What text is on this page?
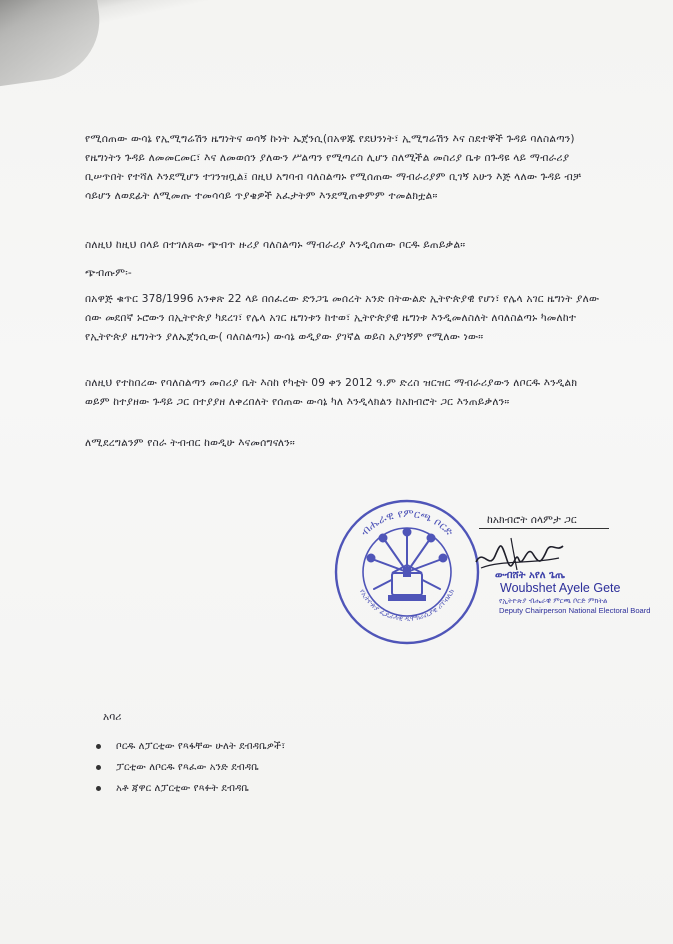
የሚሰጠው ውሳኔ የኢሚግሬሽን ዜግነትና ወሳኝ ኩነት ኤጀንሲ(በአዋጁ የደህንነት፣ ኢሚግሬሽን እና ስደተኞች ጉዳይ ባለስልጣን) የዜግነትን ጉዳይ ለመመርመር፣ እና ለመወሰን ያለውን ሥልጣን የሚጣረስ ሊሆን ስለሚችል መስሪያ ቤቱ በጉዳዩ ላይ ማብራሪያ ቢሠጥበት የተሻለ እንደሚሆን ተገንዝቧል፤ በዚህ አግባብ ባለስልጣኑ የሚሰጠው ማብራሪያም ቢገኝ አሁን እጅ ላለው ጉዳይ ብቻ ሳይሆን ለወደፊት ለሚመጡ ተመሳሳይ ጥያቄዎች አፈታትም እንደሚጠቀምም ተመልክቷል።
ስለዚህ ከዚህ በላይ በተገለጸው ጭብጥ ዙሪያ ባለስልጣኑ ማብራሪያ እንዲሰጠው ቦርዱ ይጠይቃል።
ጭብጡም፡-
በአዋጅ ቁጥር 378/1996 አንቀጽ 22 ላይ በሰፈረው ድንጋጌ መሰረት አንድ በትውልድ ኢትዮጵያዊ የሆነ፣ የሌላ አገር ዜግነት ያለው ሰው መደበኛ ኑሮውን በኢትዮጵያ ካደረገ፣ የሌላ አገር ዜግነቱን ከተወ፣ ኢትዮጵያዊ ዜግነቱ እንዲመለስለት ለባለስልጣኑ ካመለከተ የኢትዮጵያ ዜግነትን ያለኤጀንሲው( ባለስልጣኑ) ውሳኔ ወዲያው ያገኛል ወይስ አያገኝም የሚለው ነው።
ስለዚህ የተከበረው የባለስልጣን መስሪያ ቤት እስከ የካቲት 09 ቀን 2012 ዓ.ም ድረስ ዝርዝር ማብራሪያውን ለቦርዱ እንዲልክ ወይም ከተያዘው ጉዳይ ጋር በተያያዘ ለቀረበለት የሰጠው ውሳኔ ካለ እንዲላክልን ከአክብሮት ጋር እንጠይቃለን።
ለሚደረግልንም የስራ ትብብር ከወዲሁ እናመሰግናለን።
ብሔራዊ የምርጫ ቦርድ
የኢትዮጵያ ፌዴራላዊ ዲሞክራሲያዊ ሪፐብሊክ
ከአክብሮት ሰላምታ ጋር
ውብሸት አየለ ጌጤ
Woubshet Ayele Gete
የኢትዮጵያ ብሔራዊ ምርጫ ቦርድ ምክትል
Deputy Chairperson National Electoral Board
አባሪ
ቦርዱ ለፓርቲው የጻፋቸው ሁለት ደብዳቤዎች፣
ፓርቲው ለቦርዱ የጻፈው አንድ ደብዳቤ
አቶ ጃዋር ለፓርቲው የጻፉት ደብዳቤ
